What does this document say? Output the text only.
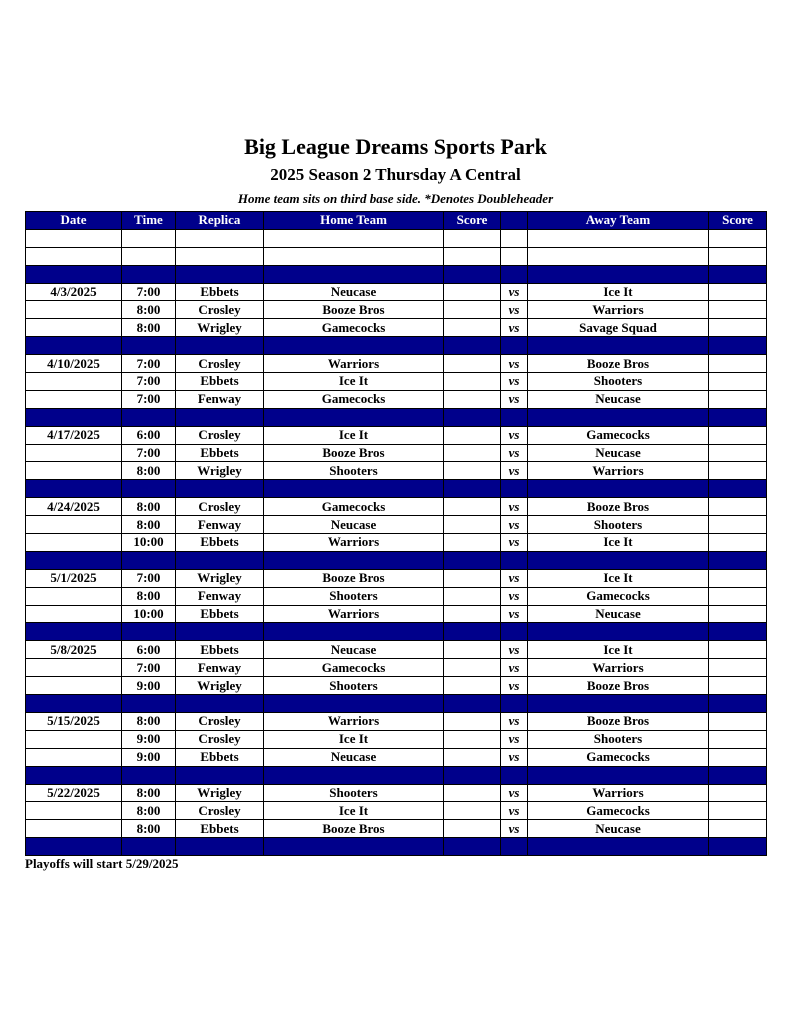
Big League Dreams Sports Park
2025 Season 2 Thursday A Central
Home team sits on third base side. *Denotes Doubleheader
Date	Time	Replica	Home Team	Score		Away Team	Score

4/3/2025	7:00	Ebbets	Neucase		vs	Ice It	
	8:00	Crosley	Booze Bros		vs	Warriors	
	8:00	Wrigley	Gamecocks		vs	Savage Squad	

4/10/2025	7:00	Crosley	Warriors		vs	Booze Bros	
	7:00	Ebbets	Ice It		vs	Shooters	
	7:00	Fenway	Gamecocks		vs	Neucase	

4/17/2025	6:00	Crosley	Ice It		vs	Gamecocks	
	7:00	Ebbets	Booze Bros		vs	Neucase	
	8:00	Wrigley	Shooters		vs	Warriors	

4/24/2025	8:00	Crosley	Gamecocks		vs	Booze Bros	
	8:00	Fenway	Neucase		vs	Shooters	
	10:00	Ebbets	Warriors		vs	Ice It	

5/1/2025	7:00	Wrigley	Booze Bros		vs	Ice It	
	8:00	Fenway	Shooters		vs	Gamecocks	
	10:00	Ebbets	Warriors		vs	Neucase	

5/8/2025	6:00	Ebbets	Neucase		vs	Ice It	
	7:00	Fenway	Gamecocks		vs	Warriors	
	9:00	Wrigley	Shooters		vs	Booze Bros	

5/15/2025	8:00	Crosley	Warriors		vs	Booze Bros	
	9:00	Crosley	Ice It		vs	Shooters	
	9:00	Ebbets	Neucase		vs	Gamecocks	

5/22/2025	8:00	Wrigley	Shooters		vs	Warriors	
	8:00	Crosley	Ice It		vs	Gamecocks	
	8:00	Ebbets	Booze Bros		vs	Neucase	

Playoffs will start 5/29/2025
